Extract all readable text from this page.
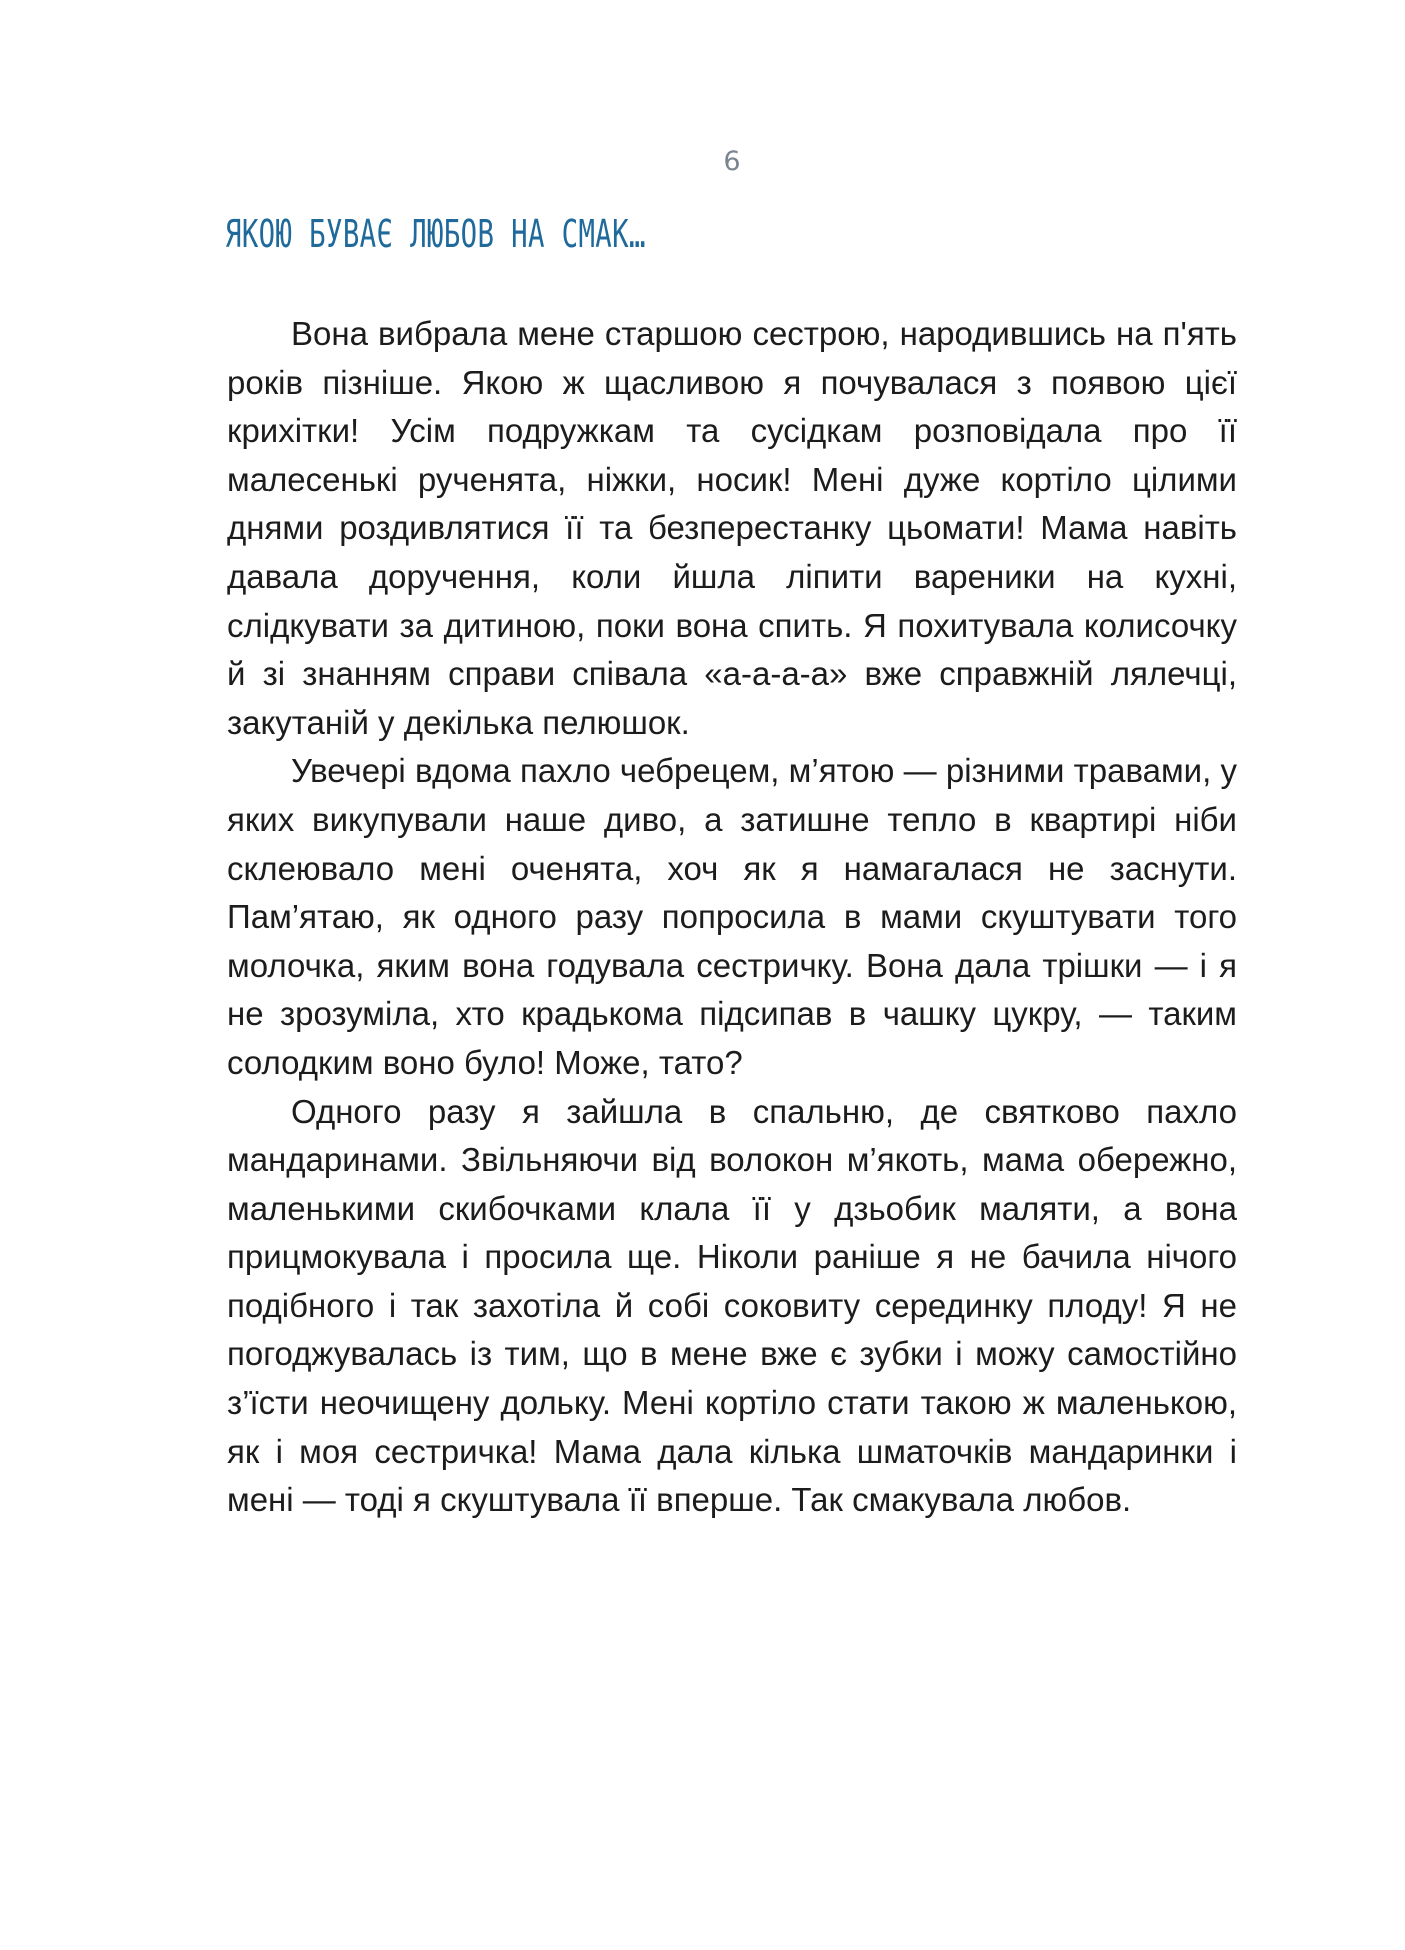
6
ЯКОЮ БУВАЄ ЛЮБОВ НА СМАК…

Вона вибрала мене старшою сестрою, народившись на п'ять років пізніше. Якою ж щасливою я почувалася з появою цієї крихітки! Усім подружкам та сусідкам розповідала про її малесенькі рученята, ніжки, носик! Мені дуже кортіло цілими днями роздивлятися її та безперестанку цьомати! Мама навіть давала доручення, коли йшла ліпити вареники на кухні, слідкувати за дитиною, поки вона спить. Я похитувала колисочку й зі знанням справи співала «а-а-а-а» вже справжній лялечці, закутаній у декілька пелюшок.

Увечері вдома пахло чебрецем, м’ятою — різними травами, у яких викупували наше диво, а затишне тепло в квартирі ніби склеювало мені оченята, хоч як я намагалася не заснути. Пам’ятаю, як одного разу попросила в мами скуштувати того молочка, яким вона годувала сестричку. Вона дала трішки — і я не зрозуміла, хто крадькома підсипав в чашку цукру, — таким солодким воно було! Може, тато?

Одного разу я зайшла в спальню, де святково пахло мандаринами. Звільняючи від волокон м’якоть, мама обережно, маленькими скибочками клала її у дзьобик маляти, а вона прицмокувала і просила ще. Ніколи раніше я не бачила нічого подібного і так захотіла й собі соковиту серединку плоду! Я не погоджувалась із тим, що в мене вже є зубки і можу самостійно з’їсти неочищену дольку. Мені кортіло стати такою ж маленькою, як і моя сестричка! Мама дала кілька шматочків мандаринки і мені — тоді я скуштувала її вперше. Так смакувала любов.
